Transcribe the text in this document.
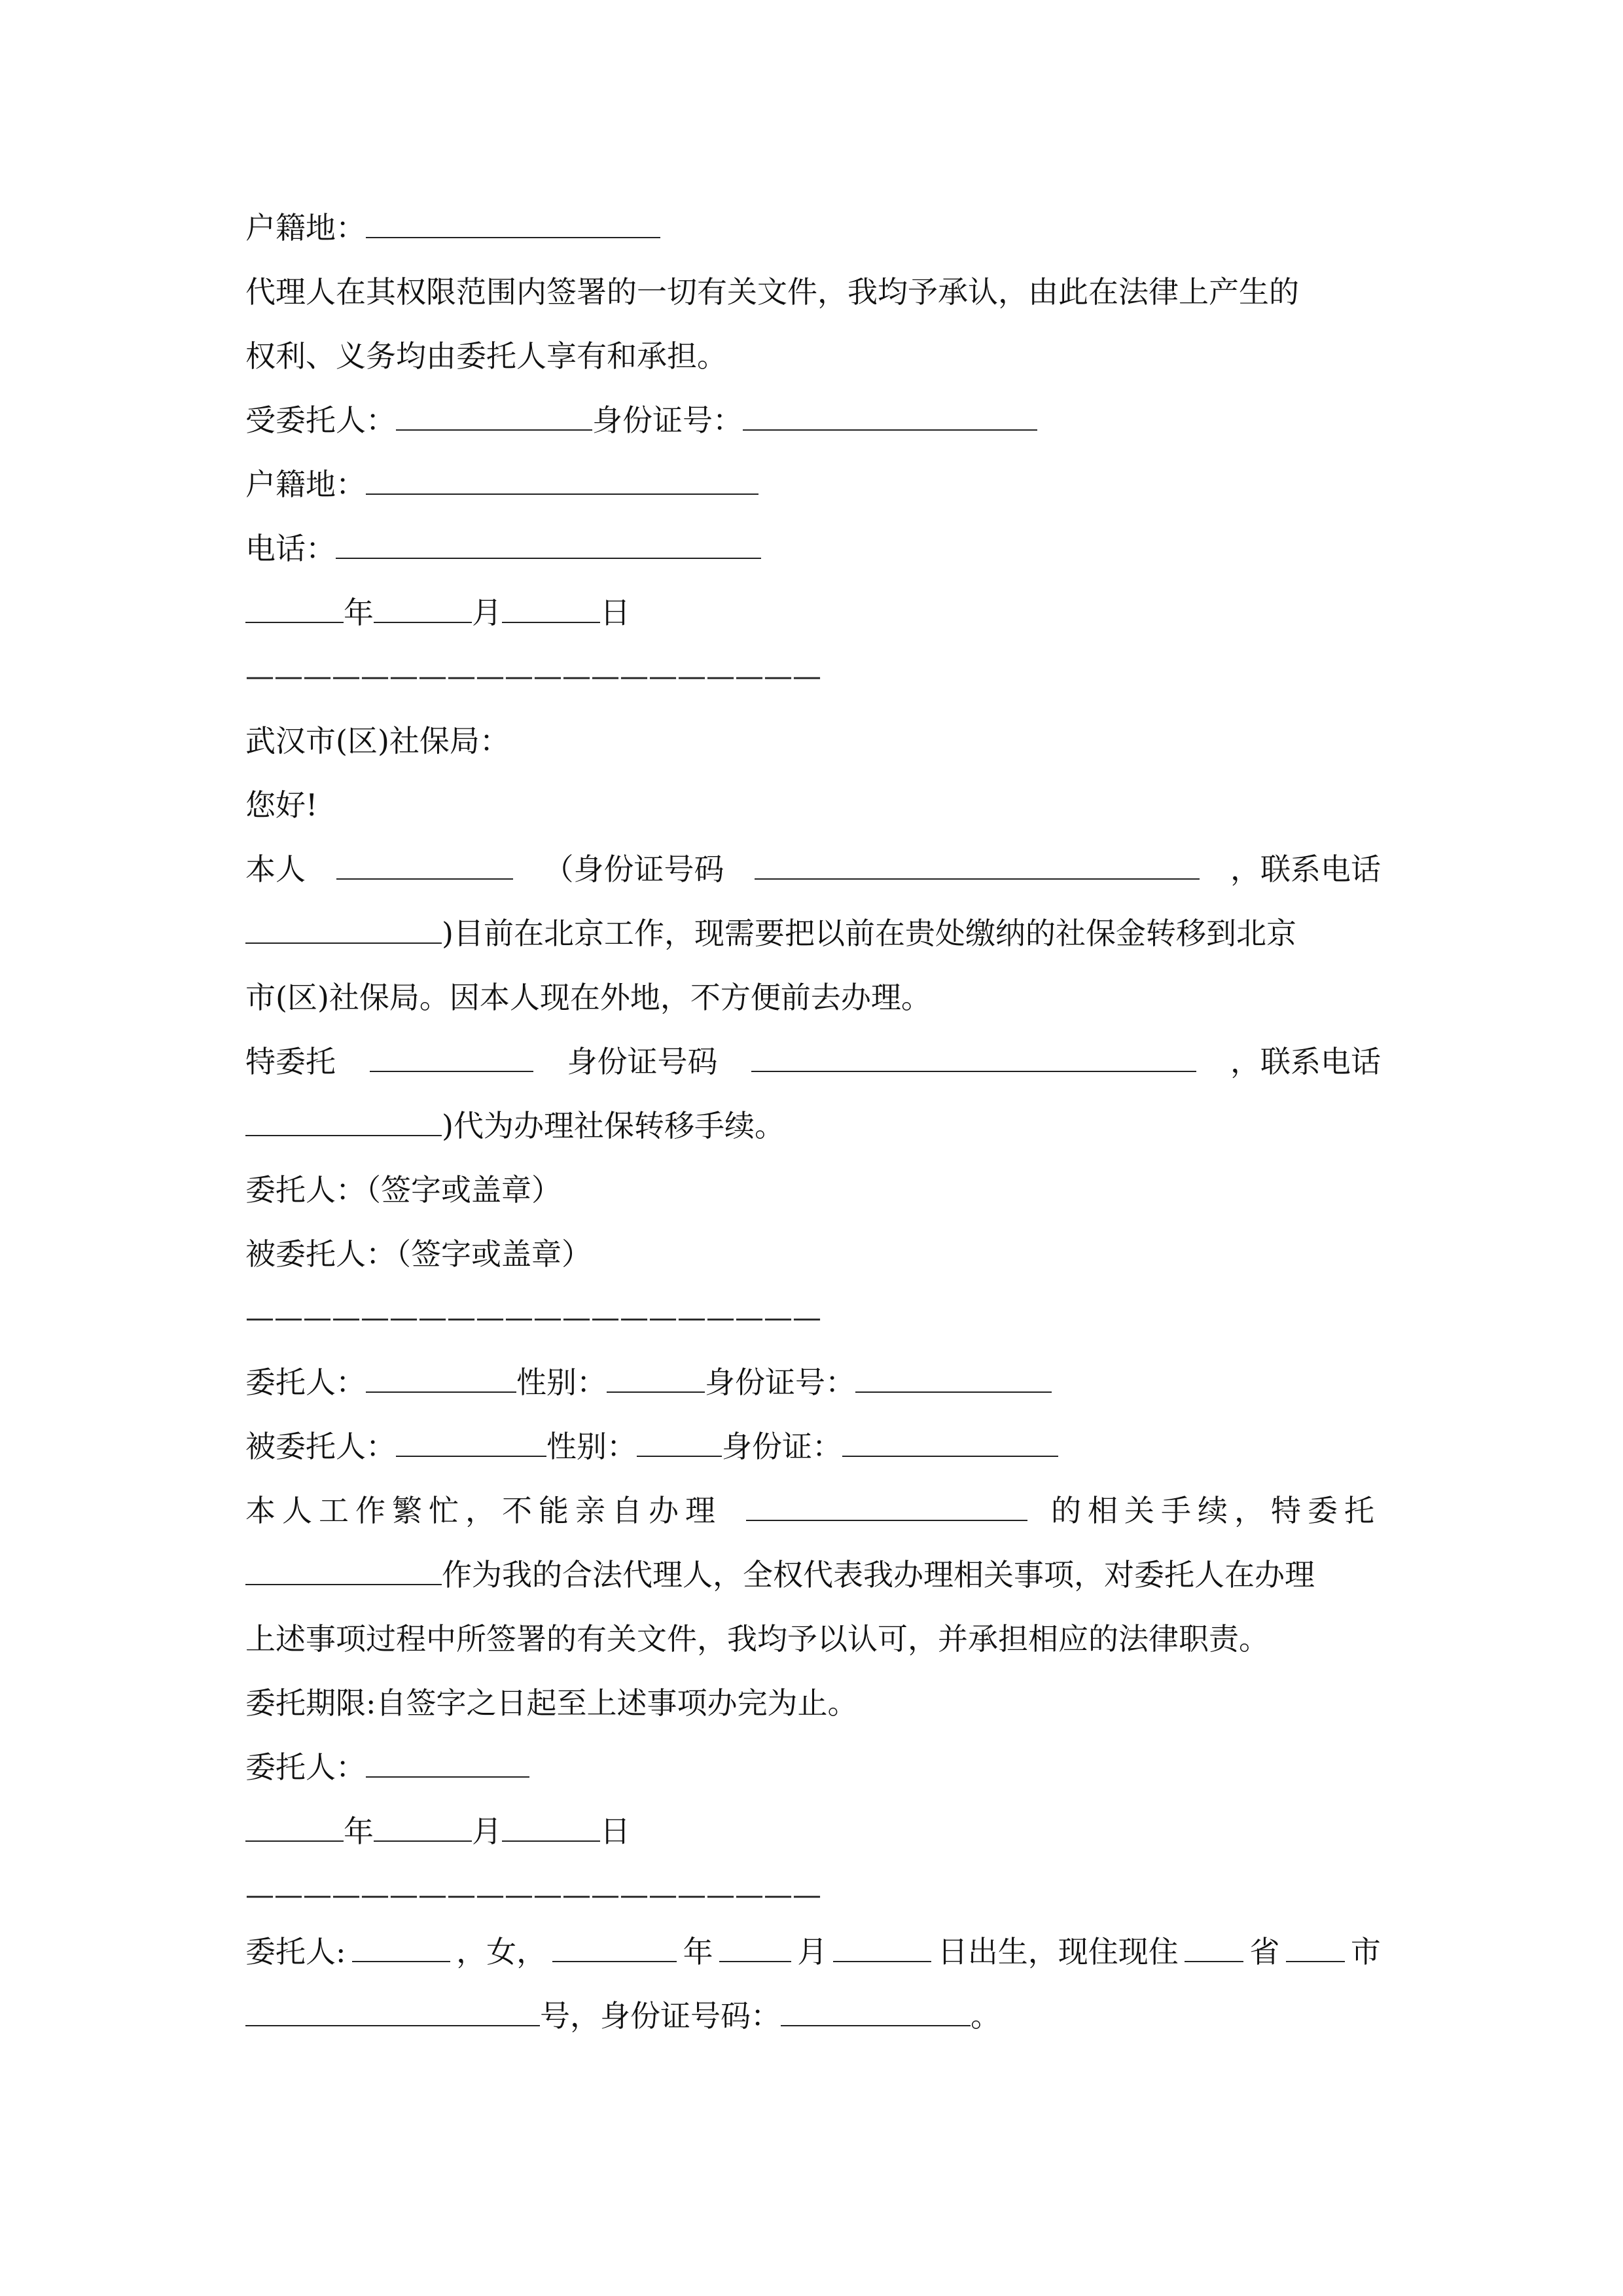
户籍地：
代理人在其权限范围内签署的一切有关文件，我均予承认，由此在法律上产生的
权利、义务均由委托人享有和承担。
受委托人：	身份证号：
户籍地：
电话：
年	月	日
————————————————————
武汉市(区)社保局：
您好!
本人	（身份证号码	，联系电话
)目前在北京工作，现需要把以前在贵处缴纳的社保金转移到北京
市(区)社保局。因本人现在外地，不方便前去办理。
特委托	身份证号码	，联系电话
)代为办理社保转移手续。
委托人：（签字或盖章）
被委托人：（签字或盖章）
————————————————————
委托人：	性别：	身份证号：
被委托人：	性别：	身份证：
本人工作繁忙，不能亲自办理	的相关手续，特委托
作为我的合法代理人，全权代表我办理相关事项，对委托人在办理
上述事项过程中所签署的有关文件，我均予以认可，并承担相应的法律职责。
委托期限:自签字之日起至上述事项办完为止。
委托人：
年	月	日
————————————————————
委托人:	，女，	年	月	日出生，现住现住 省 市
号，身份证号码：	。
